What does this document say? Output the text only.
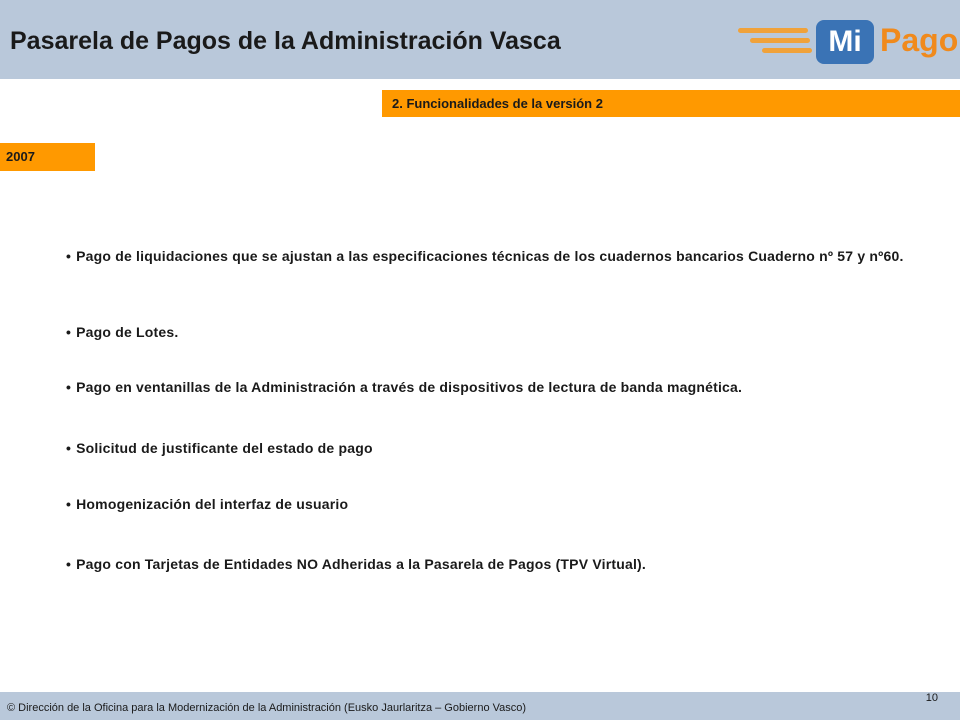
Pasarela de Pagos de la Administración Vasca	Mi Pago
2. Funcionalidades de la versión 2
2007
• Pago de liquidaciones que se ajustan a las especificaciones técnicas de los cuadernos bancarios Cuaderno nº 57 y nº60.
• Pago de Lotes.
• Pago en ventanillas de la Administración a través de dispositivos de lectura de banda magnética.
• Solicitud de justificante del estado de pago
• Homogenización del interfaz de usuario
• Pago con Tarjetas de Entidades NO Adheridas a la Pasarela de Pagos (TPV Virtual).
© Dirección de la Oficina para la Modernización de la Administración (Eusko Jaurlaritza – Gobierno Vasco)
10
